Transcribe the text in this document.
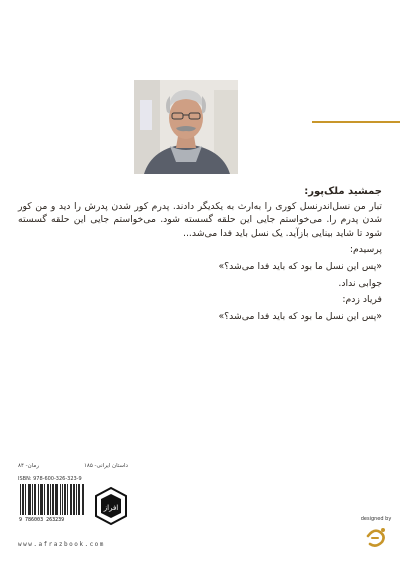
جمشید ملک‌پور:

تبار من نسل‌اندرنسل کوری را به‌ارث به یکدیگر دادند. پدرم کور شدن پدرش را دید و من کور شدن پدرم را. می‌خواستم جایی این حلقه گسسته شود. می‌خواستم جایی این حلقه گسسته شود تا شاید بینایی بازآید. یک نسل باید فدا می‌شد...

پرسیدم:

«پس این نسل ما بود که باید فدا می‌شد؟»

جوابی نداد.

فریاد زدم:

«پس این نسل ما بود که باید فدا می‌شد؟»

داستان ایرانی- ۱۸۵
رمان- ۸۴
ISBN: 978-600-326-323-9
9 786003 263239
افراز
www.afrazbook.com
designed by
